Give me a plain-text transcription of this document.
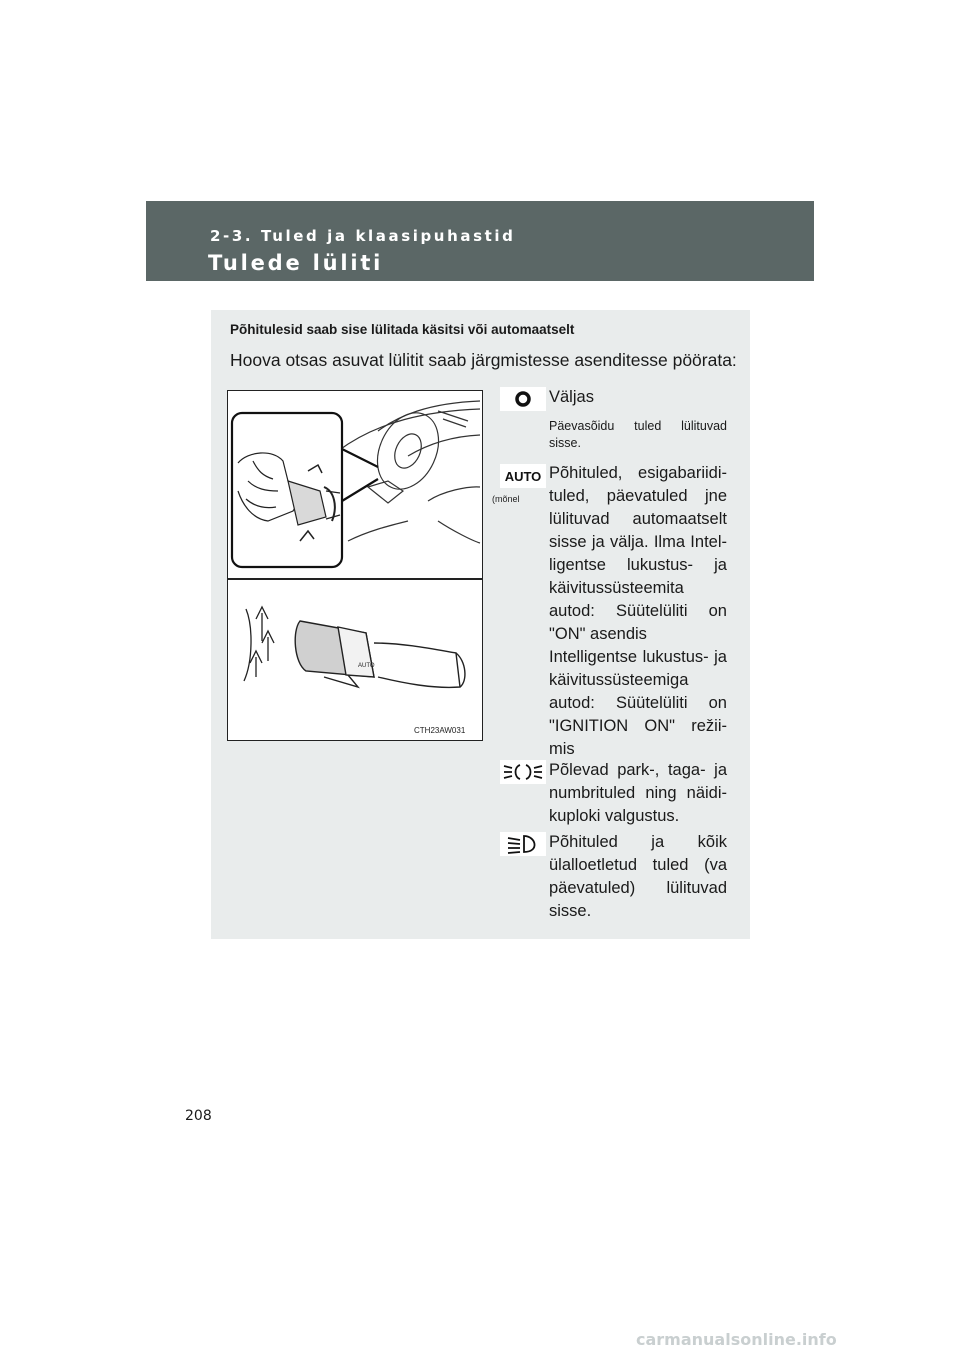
2-3. Tuled ja klaasipuhastid
Tulede lüliti
Põhitulesid saab sise lülitada käsitsi või automaatselt
Hoova otsas asuvat lülitit saab järgmistesse asenditesse pöörata:
AUTO
CTH23AW031
Väljas
Päevasõidu tuled lülituvad sisse.
AUTO
(mõnel
Põhituled, esigabariidi-tuled, päevatuled jne lülituvad automaatselt sisse ja välja. Ilma Intel-ligentse lukustus- ja käivitussüsteemita
autod: Süütelüliti on "ON" asendis
Intelligentse lukustus- ja käivitussüsteemiga autod: Süütelüliti on "IGNITION ON" režii-mis
Põlevad park-, taga- ja numbrituled ning näidi-kuploki valgustus.
Põhituled ja kõik ülalloetletud tuled (va päevatuled) lülituvad sisse.
208
carmanualsonline.info
